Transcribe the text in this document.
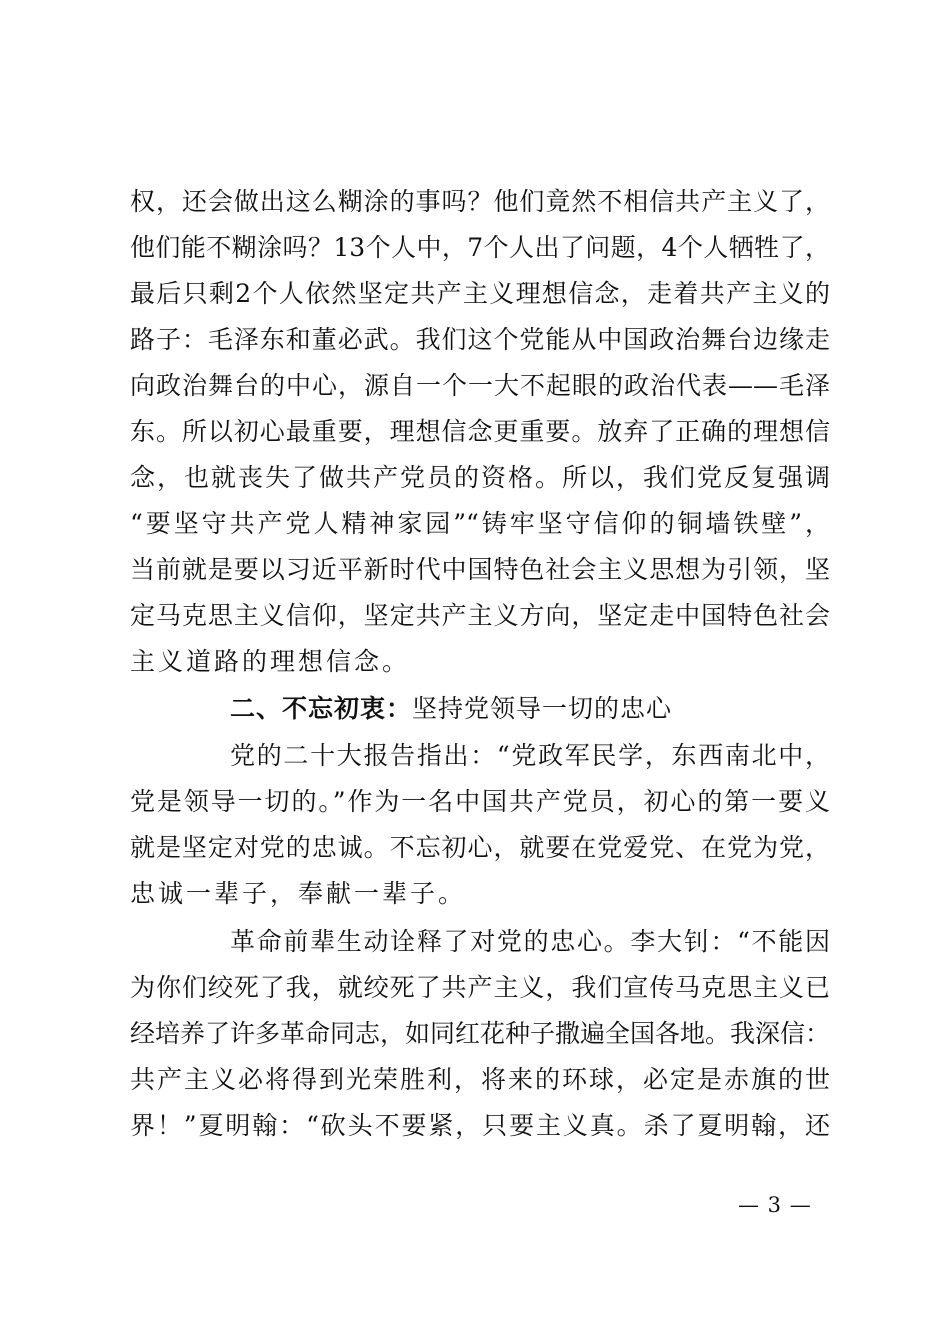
权，还会做出这么糊涂的事吗？他们竟然不相信共产主义了，
他们能不糊涂吗？13个人中，7个人出了问题，4个人牺牲了，
最后只剩2个人依然坚定共产主义理想信念，走着共产主义的
路子：毛泽东和董必武。我们这个党能从中国政治舞台边缘走
向政治舞台的中心，源自一个一大不起眼的政治代表——毛泽
东。所以初心最重要，理想信念更重要。放弃了正确的理想信
念，也就丧失了做共产党员的资格。所以，我们党反复强调
“要坚守共产党人精神家园”“铸牢坚守信仰的铜墙铁壁”，
当前就是要以习近平新时代中国特色社会主义思想为引领，坚
定马克思主义信仰，坚定共产主义方向，坚定走中国特色社会
主义道路的理想信念。
二、不忘初衷：坚持党领导一切的忠心
党的二十大报告指出：“党政军民学，东西南北中，
党是领导一切的。”作为一名中国共产党员，初心的第一要义
就是坚定对党的忠诚。不忘初心，就要在党爱党、在党为党，
忠诚一辈子，奉献一辈子。
革命前辈生动诠释了对党的忠心。李大钊：“不能因
为你们绞死了我，就绞死了共产主义，我们宣传马克思主义已
经培养了许多革命同志，如同红花种子撒遍全国各地。我深信：
共产主义必将得到光荣胜利，将来的环球，必定是赤旗的世
界！”夏明翰：“砍头不要紧，只要主义真。杀了夏明翰，还
— 3 —
